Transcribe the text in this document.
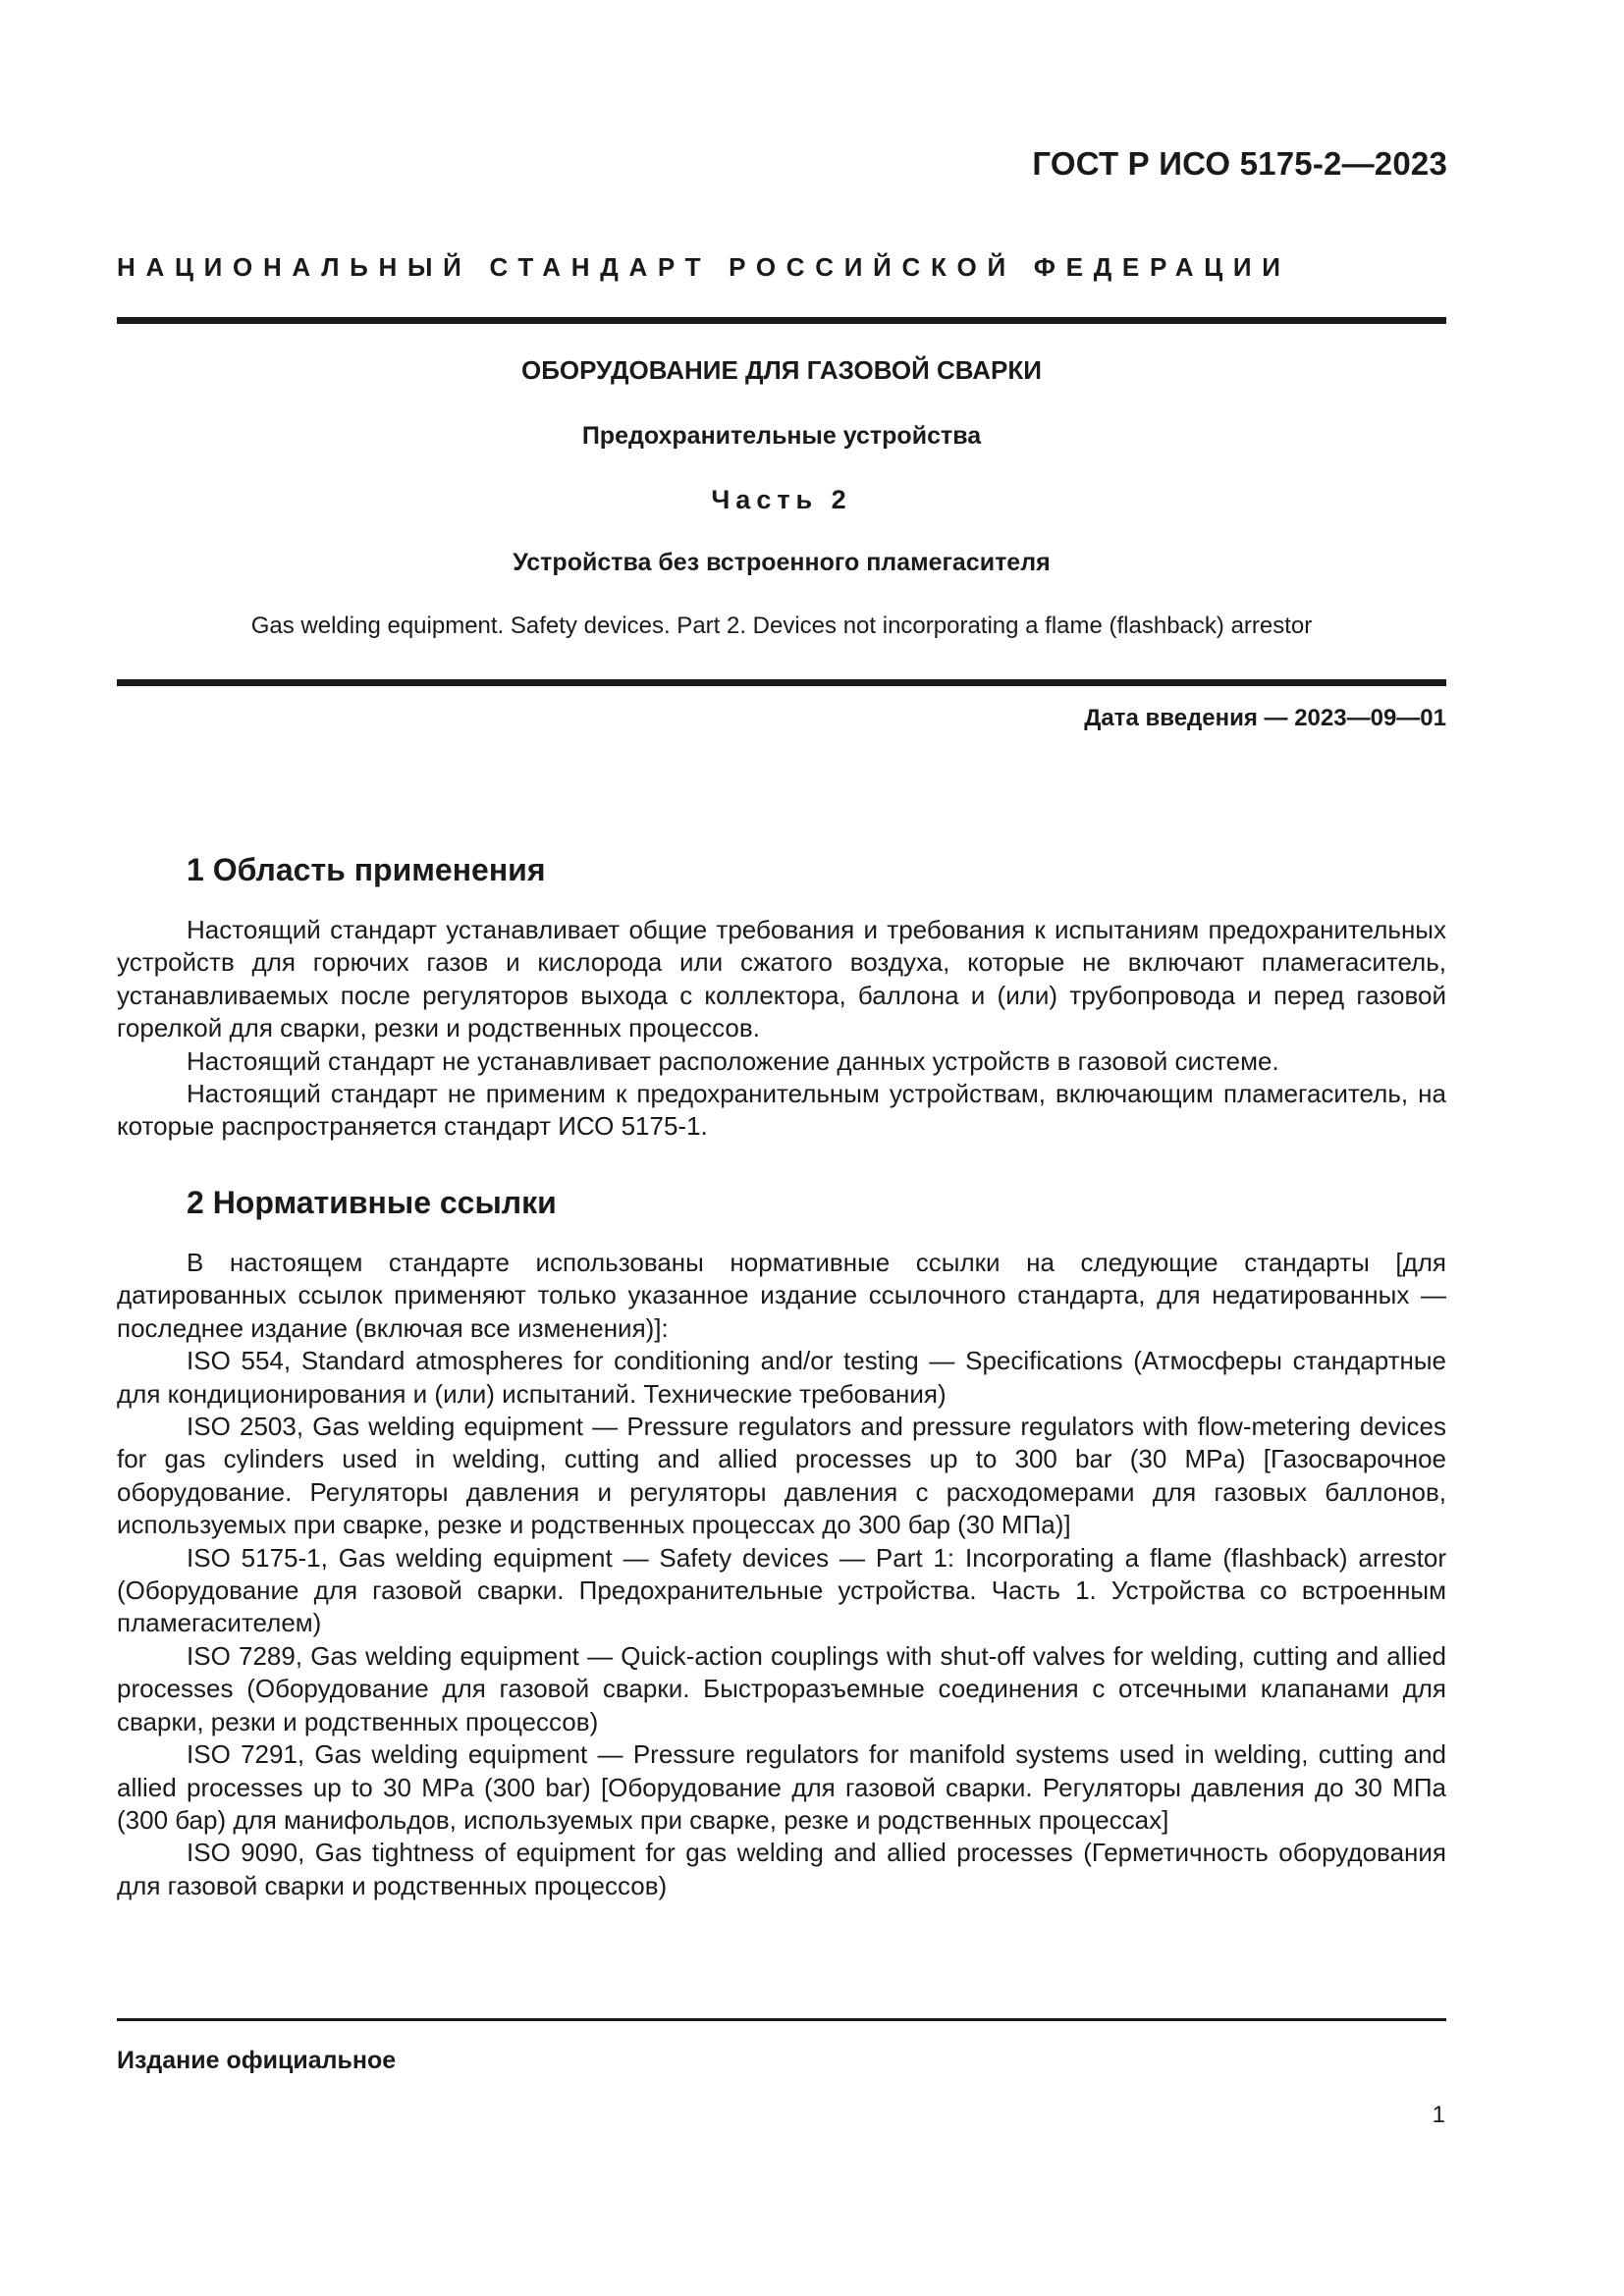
ГОСТ Р ИСО 5175-2—2023
НАЦИОНАЛЬНЫЙ СТАНДАРТ РОССИЙСКОЙ ФЕДЕРАЦИИ
ОБОРУДОВАНИЕ ДЛЯ ГАЗОВОЙ СВАРКИ
Предохранительные устройства
Часть 2
Устройства без встроенного пламегасителя
Gas welding equipment. Safety devices. Part 2. Devices not incorporating a flame (flashback) arrestor
Дата введения — 2023—09—01
1 Область применения

Настоящий стандарт устанавливает общие требования и требования к испытаниям предохранительных устройств для горючих газов и кислорода или сжатого воздуха, которые не включают пламегаситель, устанавливаемых после регуляторов выхода с коллектора, баллона и (или) трубопровода и перед газовой горелкой для сварки, резки и родственных процессов.

Настоящий стандарт не устанавливает расположение данных устройств в газовой системе.

Настоящий стандарт не применим к предохранительным устройствам, включающим пламегаситель, на которые распространяется стандарт ИСО 5175-1.

2 Нормативные ссылки

В настоящем стандарте использованы нормативные ссылки на следующие стандарты [для датированных ссылок применяют только указанное издание ссылочного стандарта, для недатированных — последнее издание (включая все изменения)]:

ISO 554, Standard atmospheres for conditioning and/or testing — Specifications (Атмосферы стандартные для кондиционирования и (или) испытаний. Технические требования)

ISO 2503, Gas welding equipment — Pressure regulators and pressure regulators with flow-metering devices for gas cylinders used in welding, cutting and allied processes up to 300 bar (30 MPa) [Газосварочное оборудование. Регуляторы давления и регуляторы давления с расходомерами для газовых баллонов, используемых при сварке, резке и родственных процессах до 300 бар (30 МПа)]

ISO 5175-1, Gas welding equipment — Safety devices — Part 1: Incorporating a flame (flashback) arrestor (Оборудование для газовой сварки. Предохранительные устройства. Часть 1. Устройства со встроенным пламегасителем)

ISO 7289, Gas welding equipment — Quick-action couplings with shut-off valves for welding, cutting and allied processes (Оборудование для газовой сварки. Быстроразъемные соединения с отсечными клапанами для сварки, резки и родственных процессов)

ISO 7291, Gas welding equipment — Pressure regulators for manifold systems used in welding, cutting and allied processes up to 30 MPa (300 bar) [Оборудование для газовой сварки. Регуляторы давления до 30 МПа (300 бар) для манифольдов, используемых при сварке, резке и родственных процессах]

ISO 9090, Gas tightness of equipment for gas welding and allied processes (Герметичность оборудования для газовой сварки и родственных процессов)

Издание официальное
1
